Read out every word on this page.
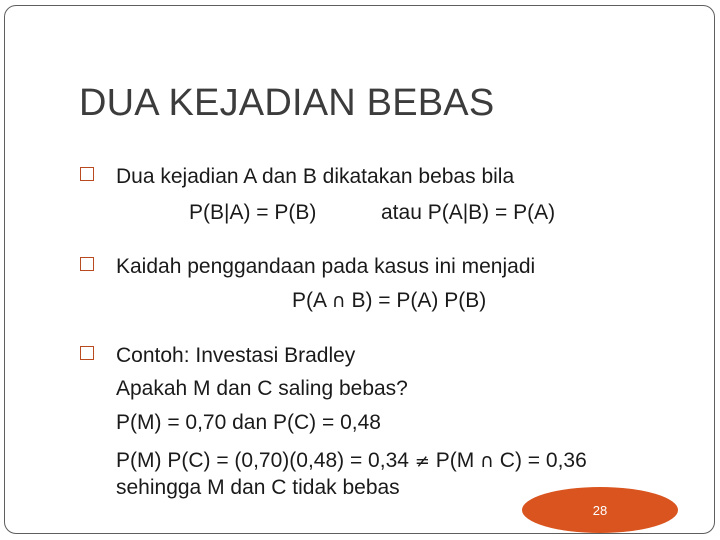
DUA KEJADIAN BEBAS
Dua kejadian A dan B dikatakan bebas bila
P(B|A) = P(B)	atau P(A|B) = P(A)
Kaidah penggandaan pada kasus ini menjadi
P(A ∩ B) = P(A) P(B)
Contoh: Investasi Bradley
Apakah M dan C saling bebas?
P(M) = 0,70 dan P(C) = 0,48
P(M) P(C) = (0,70)(0,48) = 0,34 ≠ P(M ∩ C) = 0,36
sehingga M dan C tidak bebas
28
